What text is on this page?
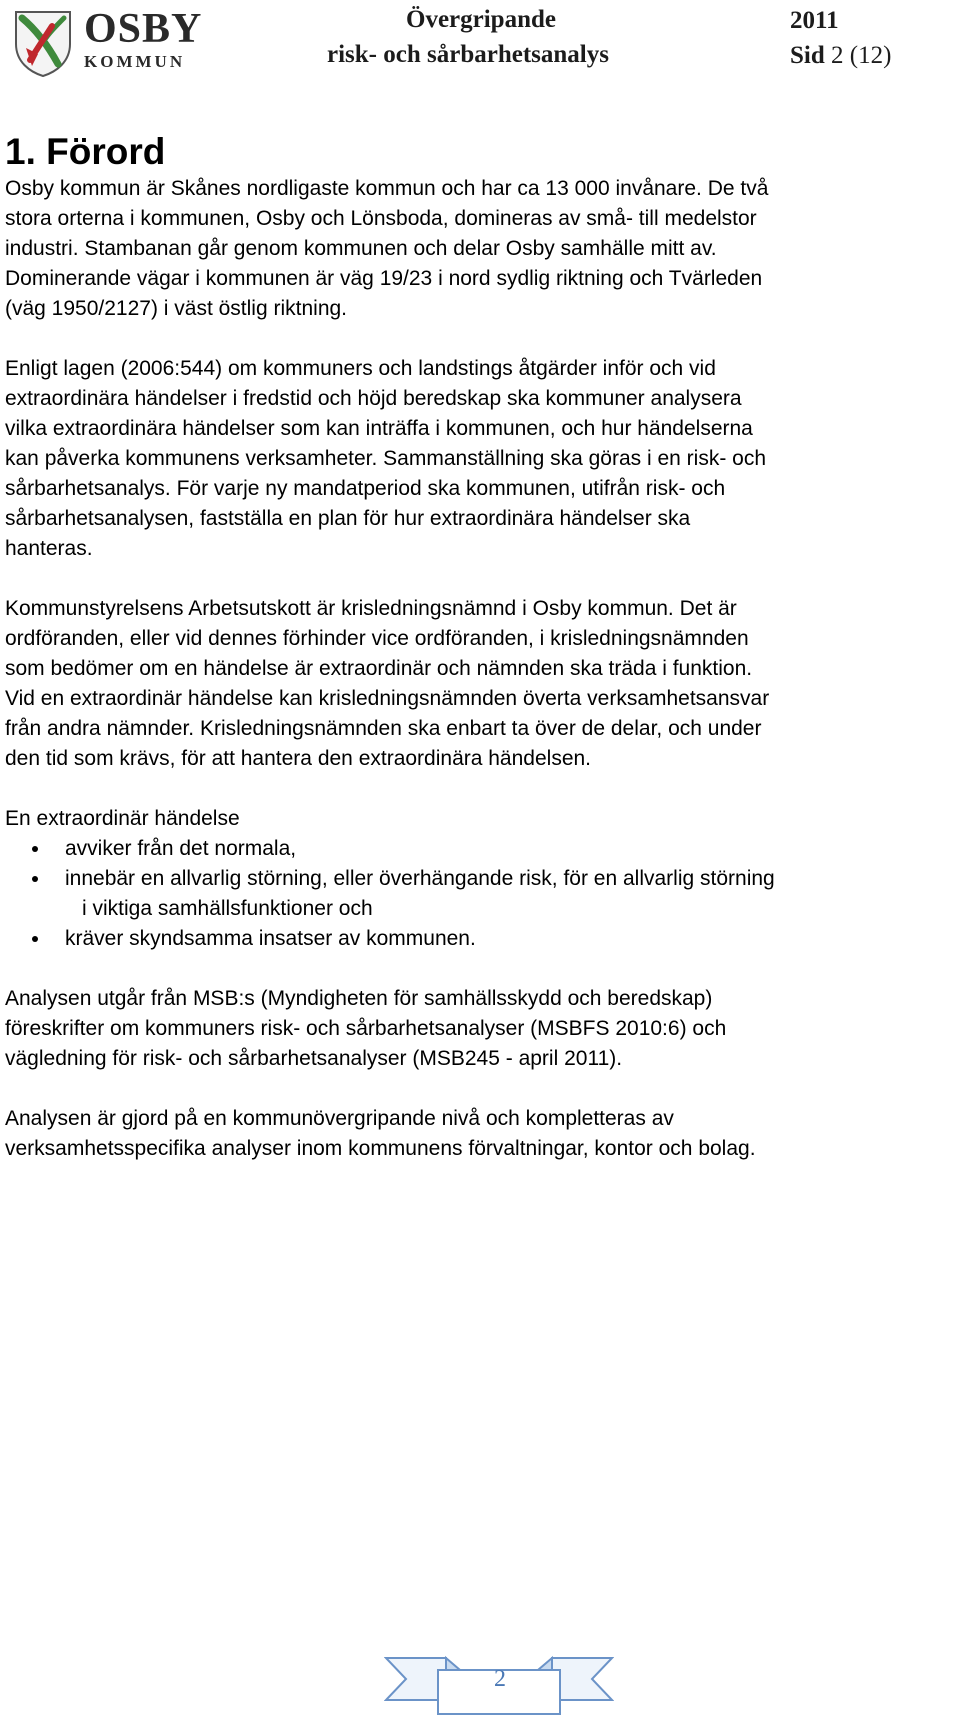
OSBY
KOMMUN
Övergripande
risk- och sårbarhetsanalys
2011
Sid 2 (12)
1. Förord

Osby kommun är Skånes nordligaste kommun och har ca 13 000 invånare. De två
stora orterna i kommunen, Osby och Lönsboda, domineras av små- till medelstor
industri. Stambanan går genom kommunen och delar Osby samhälle mitt av.
Dominerande vägar i kommunen är väg 19/23 i nord sydlig riktning och Tvärleden
(väg 1950/2127) i väst östlig riktning.

Enligt lagen (2006:544) om kommuners och landstings åtgärder inför och vid
extraordinära händelser i fredstid och höjd beredskap ska kommuner analysera
vilka extraordinära händelser som kan inträffa i kommunen, och hur händelserna
kan påverka kommunens verksamheter. Sammanställning ska göras i en risk- och
sårbarhetsanalys. För varje ny mandatperiod ska kommunen, utifrån risk- och
sårbarhetsanalysen, fastställa en plan för hur extraordinära händelser ska
hanteras.

Kommunstyrelsens Arbetsutskott är krisledningsnämnd i Osby kommun. Det är
ordföranden, eller vid dennes förhinder vice ordföranden, i krisledningsnämnden
som bedömer om en händelse är extraordinär och nämnden ska träda i funktion.
Vid en extraordinär händelse kan krisledningsnämnden överta verksamhetsansvar
från andra nämnder. Krisledningsnämnden ska enbart ta över de delar, och under
den tid som krävs, för att hantera den extraordinära händelsen.

En extraordinär händelse

avviker från det normala,
innebär en allvarlig störning, eller överhängande risk, för en allvarlig störning
i viktiga samhällsfunktioner och
kräver skyndsamma insatser av kommunen.

Analysen utgår från MSB:s (Myndigheten för samhällsskydd och beredskap)
föreskrifter om kommuners risk- och sårbarhetsanalyser (MSBFS 2010:6) och
vägledning för risk- och sårbarhetsanalyser (MSB245 - april 2011).

Analysen är gjord på en kommunövergripande nivå och kompletteras av
verksamhetsspecifika analyser inom kommunens förvaltningar, kontor och bolag.

2
